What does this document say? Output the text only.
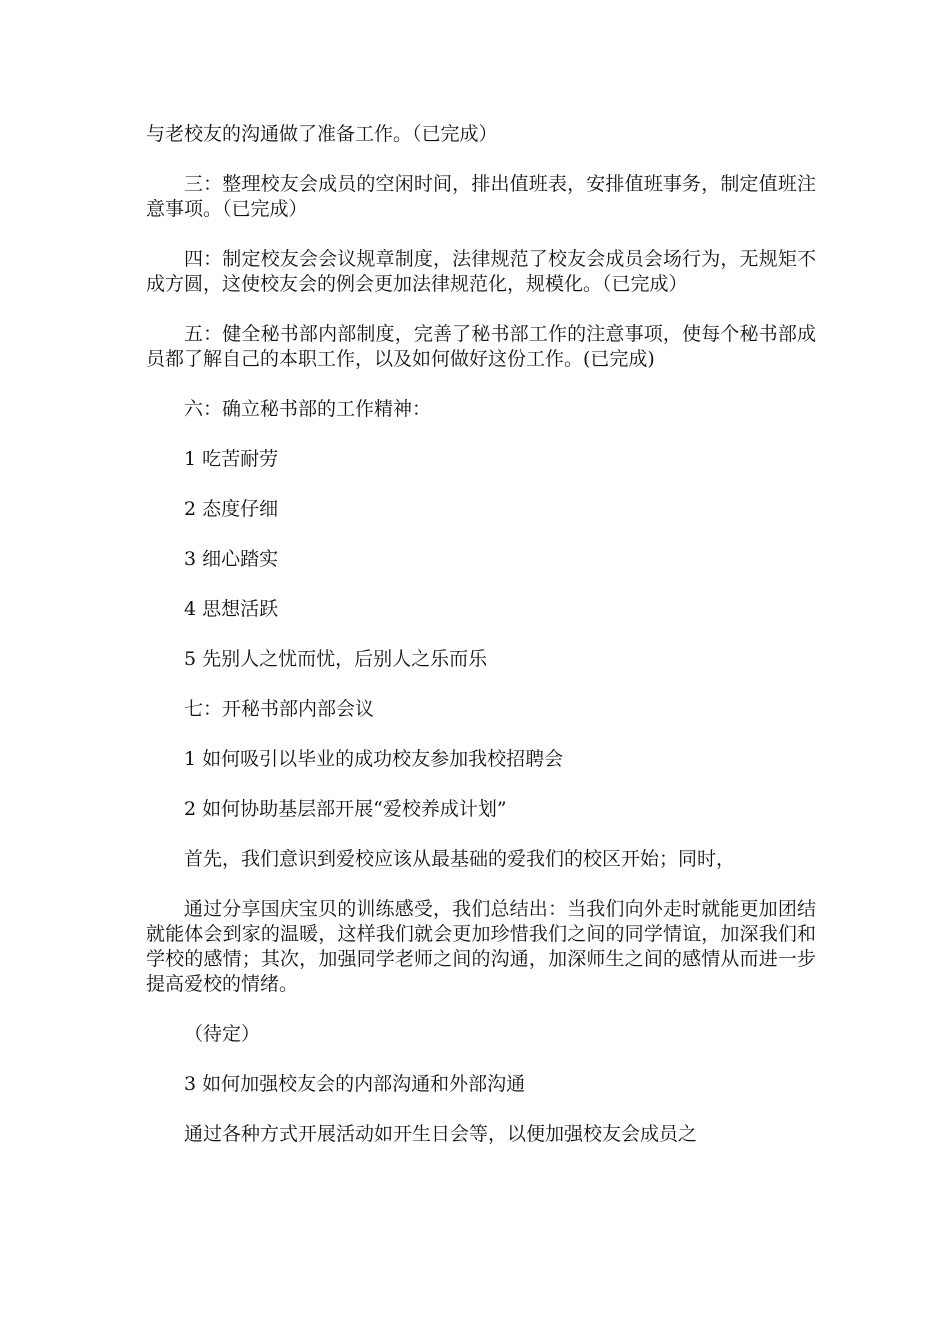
与老校友的沟通做了准备工作。（已完成）

三：整理校友会成员的空闲时间，排出值班表，安排值班事务，制定值班注意事项。（已完成）

四：制定校友会会议规章制度，法律规范了校友会成员会场行为，无规矩不成方圆，这使校友会的例会更加法律规范化，规模化。（已完成）

五：健全秘书部内部制度，完善了秘书部工作的注意事项，使每个秘书部成员都了解自己的本职工作，以及如何做好这份工作。(已完成)

六：确立秘书部的工作精神：

1 吃苦耐劳

2 态度仔细

3 细心踏实

4 思想活跃

5 先别人之忧而忧，后别人之乐而乐

七：开秘书部内部会议

1 如何吸引以毕业的成功校友参加我校招聘会

2 如何协助基层部开展“爱校养成计划”

首先，我们意识到爱校应该从最基础的爱我们的校区开始；同时，

通过分享国庆宝贝的训练感受，我们总结出：当我们向外走时就能更加团结就能体会到家的温暖，这样我们就会更加珍惜我们之间的同学情谊，加深我们和学校的感情；其次，加强同学老师之间的沟通，加深师生之间的感情从而进一步提高爱校的情绪。

（待定）

3 如何加强校友会的内部沟通和外部沟通

通过各种方式开展活动如开生日会等，以便加强校友会成员之
